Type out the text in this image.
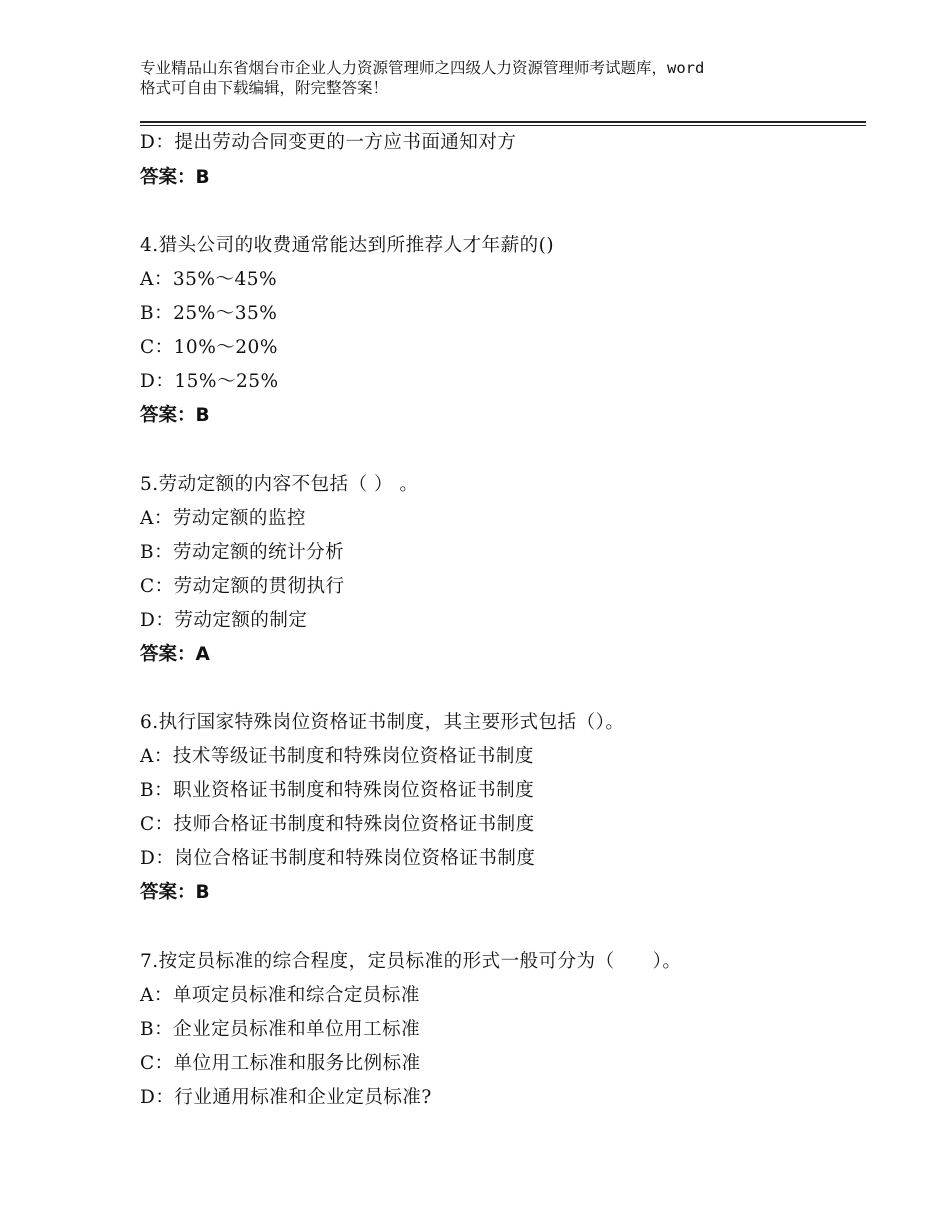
专业精品山东省烟台市企业人力资源管理师之四级人力资源管理师考试题库，word
格式可自由下载编辑，附完整答案！
D：提出劳动合同变更的一方应书面通知对方
答案：B
4.猎头公司的收费通常能达到所推荐人才年薪的()
A：35%～45%
B：25%～35%
C：10%～20%
D：15%～25%
答案：B
5.劳动定额的内容不包括（ ） 。
A：劳动定额的监控
B：劳动定额的统计分析
C：劳动定额的贯彻执行
D：劳动定额的制定
答案：A
6.执行国家特殊岗位资格证书制度，其主要形式包括（）。
A：技术等级证书制度和特殊岗位资格证书制度
B：职业资格证书制度和特殊岗位资格证书制度
C：技师合格证书制度和特殊岗位资格证书制度
D：岗位合格证书制度和特殊岗位资格证书制度
答案：B
7.按定员标准的综合程度，定员标准的形式一般可分为（　　）。
A：单项定员标准和综合定员标准
B：企业定员标准和单位用工标准
C：单位用工标准和服务比例标准
D：行业通用标准和企业定员标准?
